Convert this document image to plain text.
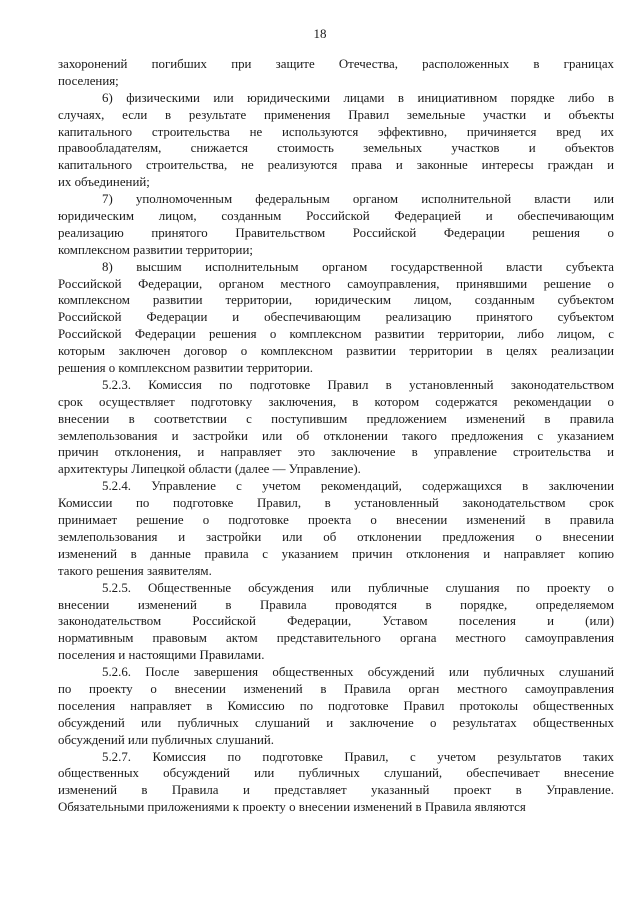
18
захоронений погибших при защите Отечества, расположенных в границах
поселения;
6) физическими или юридическими лицами в инициативном порядке либо в
случаях, если в результате применения Правил земельные участки и объекты
капитального строительства не используются эффективно, причиняется вред их
правообладателям, снижается стоимость земельных участков и объектов
капитального строительства, не реализуются права и законные интересы граждан и
их объединений;
7) уполномоченным федеральным органом исполнительной власти или
юридическим лицом, созданным Российской Федерацией и обеспечивающим
реализацию принятого Правительством Российской Федерации решения о
комплексном развитии территории;
8) высшим исполнительным органом государственной власти субъекта
Российской Федерации, органом местного самоуправления, принявшими решение о
комплексном развитии территории, юридическим лицом, созданным субъектом
Российской Федерации и обеспечивающим реализацию принятого субъектом
Российской Федерации решения о комплексном развитии территории, либо лицом, с
которым заключен договор о комплексном развитии территории в целях реализации
решения о комплексном развитии территории.
5.2.3. Комиссия по подготовке Правил в установленный законодательством
срок осуществляет подготовку заключения, в котором содержатся рекомендации о
внесении в соответствии с поступившим предложением изменений в правила
землепользования и застройки или об отклонении такого предложения с указанием
причин отклонения, и направляет это заключение в управление строительства и
архитектуры Липецкой области (далее — Управление).
5.2.4. Управление с учетом рекомендаций, содержащихся в заключении
Комиссии по подготовке Правил, в установленный законодательством срок
принимает решение о подготовке проекта о внесении изменений в правила
землепользования и застройки или об отклонении предложения о внесении
изменений в данные правила с указанием причин отклонения и направляет копию
такого решения заявителям.
5.2.5. Общественные обсуждения или публичные слушания по проекту о
внесении изменений в Правила проводятся в порядке, определяемом
законодательством Российской Федерации, Уставом поселения и (или)
нормативным правовым актом представительного органа местного самоуправления
поселения и настоящими Правилами.
5.2.6. После завершения общественных обсуждений или публичных слушаний
по проекту о внесении изменений в Правила орган местного самоуправления
поселения направляет в Комиссию по подготовке Правил протоколы общественных
обсуждений или публичных слушаний и заключение о результатах общественных
обсуждений или публичных слушаний.
5.2.7. Комиссия по подготовке Правил, с учетом результатов таких
общественных обсуждений или публичных слушаний, обеспечивает внесение
изменений в Правила и представляет указанный проект в Управление.
Обязательными приложениями к проекту о внесении изменений в Правила являются
